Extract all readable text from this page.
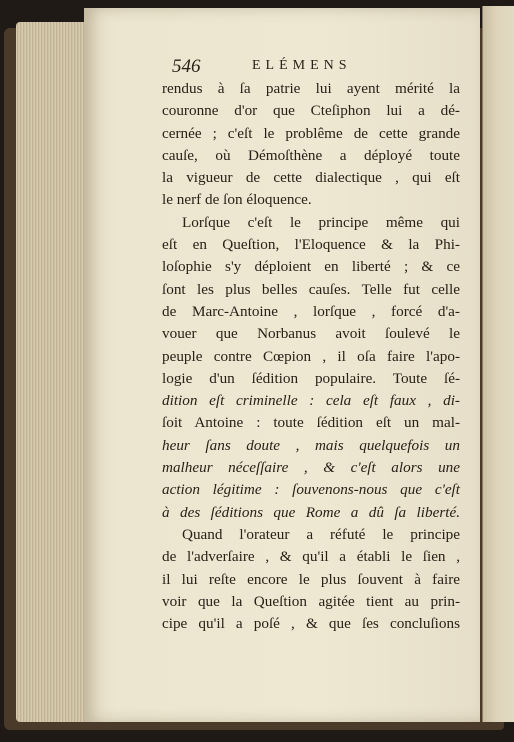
546	ELÉMENS
rendus à ſa patrie lui ayent mérité la
couronne d'or que Cteſiphon lui a dé-
cernée ; c'eſt le problême de cette grande
cauſe, où Démoſthène a déployé toute
la vigueur de cette dialectique , qui eſt
le nerf de ſon éloquence.
Lorſque c'eſt le principe même qui
eſt en Queſtion, l'Eloquence & la Phi-
loſophie s'y déploient en liberté ; & ce
ſont les plus belles cauſes. Telle fut celle
de Marc-Antoine , lorſque , forcé d'a-
vouer que Norbanus avoit ſoulevé le
peuple contre Cœpion , il oſa faire l'apo-
logie d'un ſédition populaire. Toute ſé-
dition eſt criminelle : cela eſt faux , di-
ſoit Antoine : toute ſédition eſt un mal-
heur ſans doute , mais quelquefois un
malheur néceſſaire , & c'eſt alors une
action légitime : ſouvenons-nous que c'eſt
à des ſéditions que Rome a dû ſa liberté.
Quand l'orateur a réfuté le principe
de l'adverſaire , & qu'il a établi le ſien ,
il lui reſte encore le plus ſouvent à faire
voir que la Queſtion agitée tient au prin-
cipe qu'il a poſé , & que ſes concluſions
